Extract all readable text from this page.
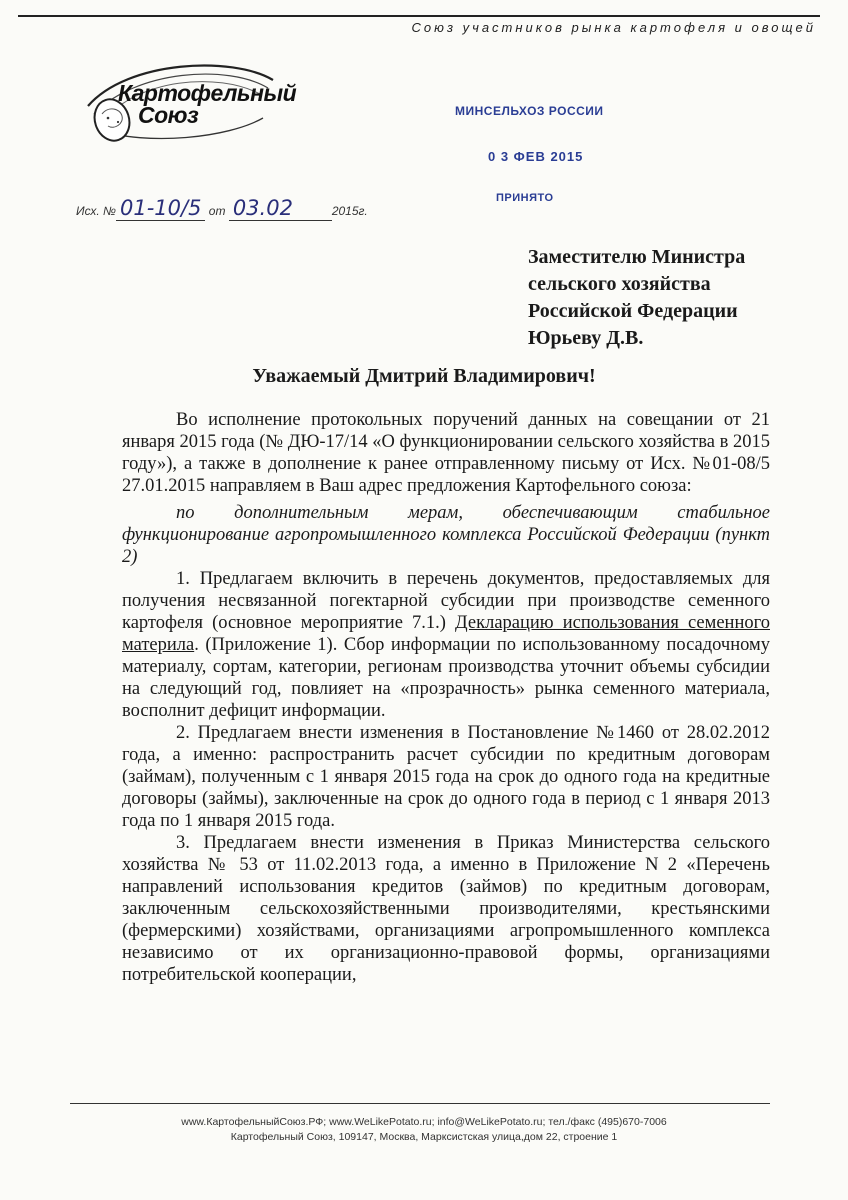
Союз участников рынка картофеля и овощей
Картофельный
Союз	МИНСЕЛЬХОЗ РОССИИ
0 3 ФЕВ 2015
ПРИНЯТО
Исх. № 01-10/5 от 03.02	2015г.
Заместителю Министра
сельского хозяйства
Российской Федерации
Юрьеву Д.В.
Уважаемый Дмитрий Владимирович!

Во исполнение протокольных поручений данных на совещании от 21 января 2015 года (№ ДЮ-17/14 «О функционировании сельского хозяйства в 2015 году»), а также в дополнение к ранее отправленному письму от Исх. №01-08/5 27.01.2015 направляем в Ваш адрес предложения Картофельного союза:

по дополнительным мерам, обеспечивающим стабильное функционирование агропромышленного комплекса Российской Федерации (пункт 2)

1. Предлагаем включить в перечень документов, предоставляемых для получения несвязанной погектарной субсидии при производстве семенного картофеля (основное мероприятие 7.1.) Декларацию использования семенного материла. (Приложение 1). Сбор информации по использованному посадочному материалу, сортам, категории, регионам производства уточнит объемы субсидии на следующий год, повлияет на «прозрачность» рынка семенного материала, восполнит дефицит информации.

2. Предлагаем внести изменения в Постановление №1460 от 28.02.2012 года, а именно: распространить расчет субсидии по кредитным договорам (займам), полученным с 1 января 2015 года на срок до одного года на кредитные договоры (займы), заключенные на срок до одного года в период с 1 января 2013 года по 1 января 2015 года.

3. Предлагаем внести изменения в Приказ Министерства сельского хозяйства № 53 от 11.02.2013 года, а именно в Приложение N 2 «Перечень направлений использования кредитов (займов) по кредитным договорам, заключенным сельскохозяйственными производителями, крестьянскими (фермерскими) хозяйствами, организациями агропромышленного комплекса независимо от их организационно-правовой формы, организациями потребительской кооперации,

www.КартофельныйСоюз.РФ; www.WeLikePotato.ru; info@WeLikePotato.ru; тел./факс (495)670-7006
Картофельный Союз, 109147, Москва, Марксистская улица,дом 22, строение 1
